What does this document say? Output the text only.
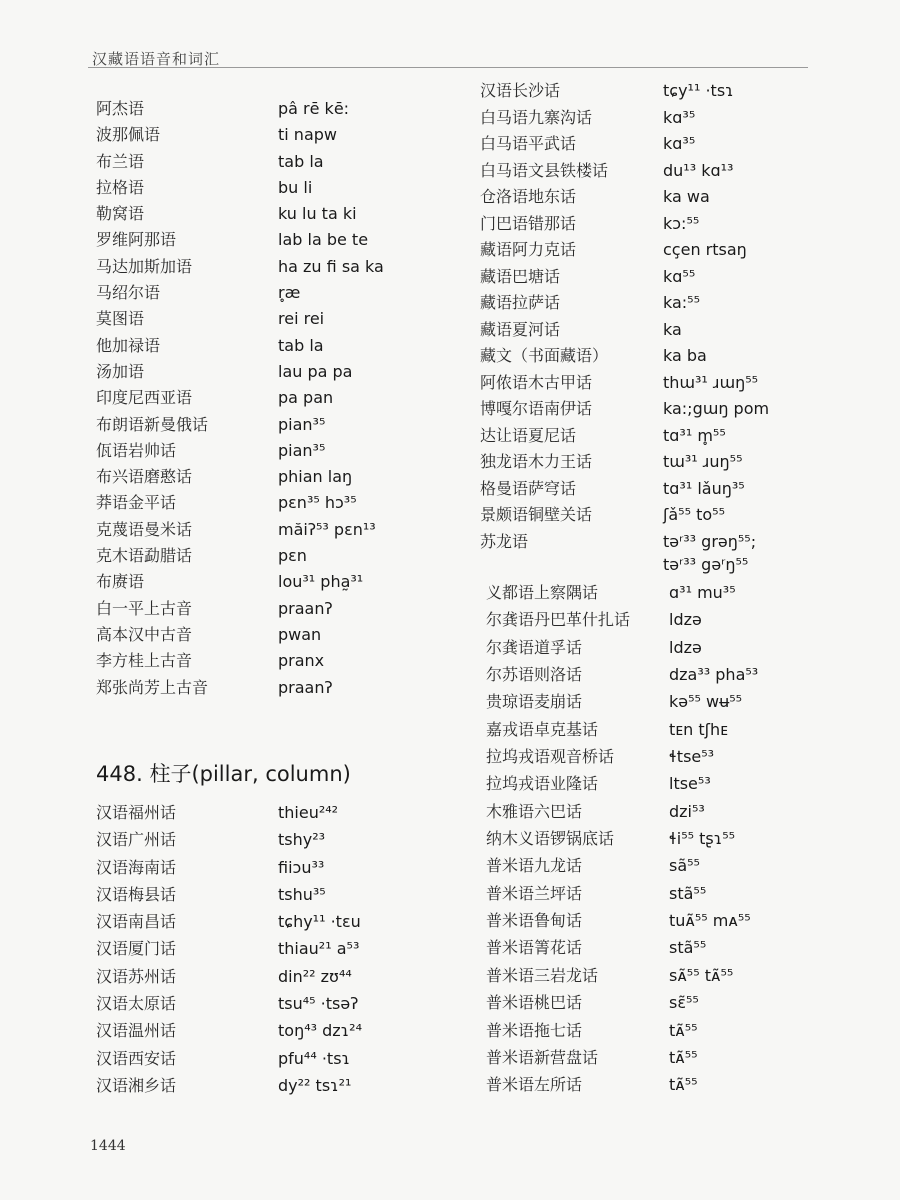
汉藏语语音和词汇
阿杰语	pâ rē kē:
波那佩语	ti napw
布兰语	tab la
拉格语	bu li
勒窝语	ku lu ta ki
罗维阿那语	lab la be te
马达加斯加语	ha zu fi sa ka
马绍尔语	r̥æ
莫图语	rei rei
他加禄语	tab la
汤加语	lau pa pa
印度尼西亚语	pa pan
布朗语新曼俄话	pian³⁵
佤语岩帅话	pian³⁵
布兴语磨憨话	phian laŋ
莽语金平话	pɛn³⁵ hɔ³⁵
克蔑语曼米话	măiʔ⁵³ pɛn¹³
克木语勐腊话	pɛn
布赓语	lou³¹ pha̰³¹
白一平上古音	praanʔ
高本汉中古音	pwan
李方桂上古音	pranx
郑张尚芳上古音	praanʔ
448. 柱子(pillar, column)
汉语福州话	thieu²⁴²
汉语广州话	tshy²³
汉语海南话	fiiɔu³³
汉语梅县话	tshu³⁵
汉语南昌话	tɕhy¹¹ ·tɛu
汉语厦门话	thiau²¹ a⁵³
汉语苏州话	din²² zʊ⁴⁴
汉语太原话	tsu⁴⁵ ·tsəʔ
汉语温州话	toŋ⁴³ dzɿ²⁴
汉语西安话	pfu⁴⁴ ·tsɿ
汉语湘乡话	dy²² tsɿ²¹
汉语长沙话	tɕy¹¹ ·tsɿ
白马语九寨沟话	kɑ³⁵
白马语平武话	kɑ³⁵
白马语文县铁楼话	du¹³ kɑ¹³
仓洛语地东话	ka wa
门巴语错那话	kɔ:⁵⁵
藏语阿力克话	cçen rtsaŋ
藏语巴塘话	kɑ⁵⁵
藏语拉萨话	ka:⁵⁵
藏语夏河话	ka
藏文（书面藏语）	ka ba
阿侬语木古甲话	thɯ³¹ ɹɯŋ⁵⁵
博嘎尔语南伊话	ka:;gɯŋ pom
达让语夏尼话	tɑ³¹ m̥⁵⁵
独龙语木力王话	tɯ³¹ ɹuŋ⁵⁵
格曼语萨穹话	tɑ³¹ lǎuŋ³⁵
景颇语铜壁关话	ʃǎ⁵⁵ to⁵⁵
苏龙语	təʳ³³ grəŋ⁵⁵;
təʳ³³ gəʳŋ⁵⁵
义都语上察隅话	ɑ³¹ mu³⁵
尔龚语丹巴革什扎话	ldzə
尔龚语道孚话	ldzə
尔苏语则洛话	dza³³ pha⁵³
贵琼语麦崩话	kə⁵⁵ wʉ⁵⁵
嘉戎语卓克基话	tᴇn tʃhᴇ
拉坞戎语观音桥话	ɬtse⁵³
拉坞戎语业隆话	ltse⁵³
木雅语六巴话	dzi⁵³
纳木义语锣锅底话	ɬi⁵⁵ tʂɿ⁵⁵
普米语九龙话	sã⁵⁵
普米语兰坪话	stã⁵⁵
普米语鲁甸话	tuᴀ̃⁵⁵ mᴀ⁵⁵
普米语箐花话	stã⁵⁵
普米语三岩龙话	sᴀ̃⁵⁵ tᴀ̃⁵⁵
普米语桃巴话	sɛ̃⁵⁵
普米语拖七话	tᴀ̃⁵⁵
普米语新营盘话	tᴀ̃⁵⁵
普米语左所话	tᴀ̃⁵⁵
1444
